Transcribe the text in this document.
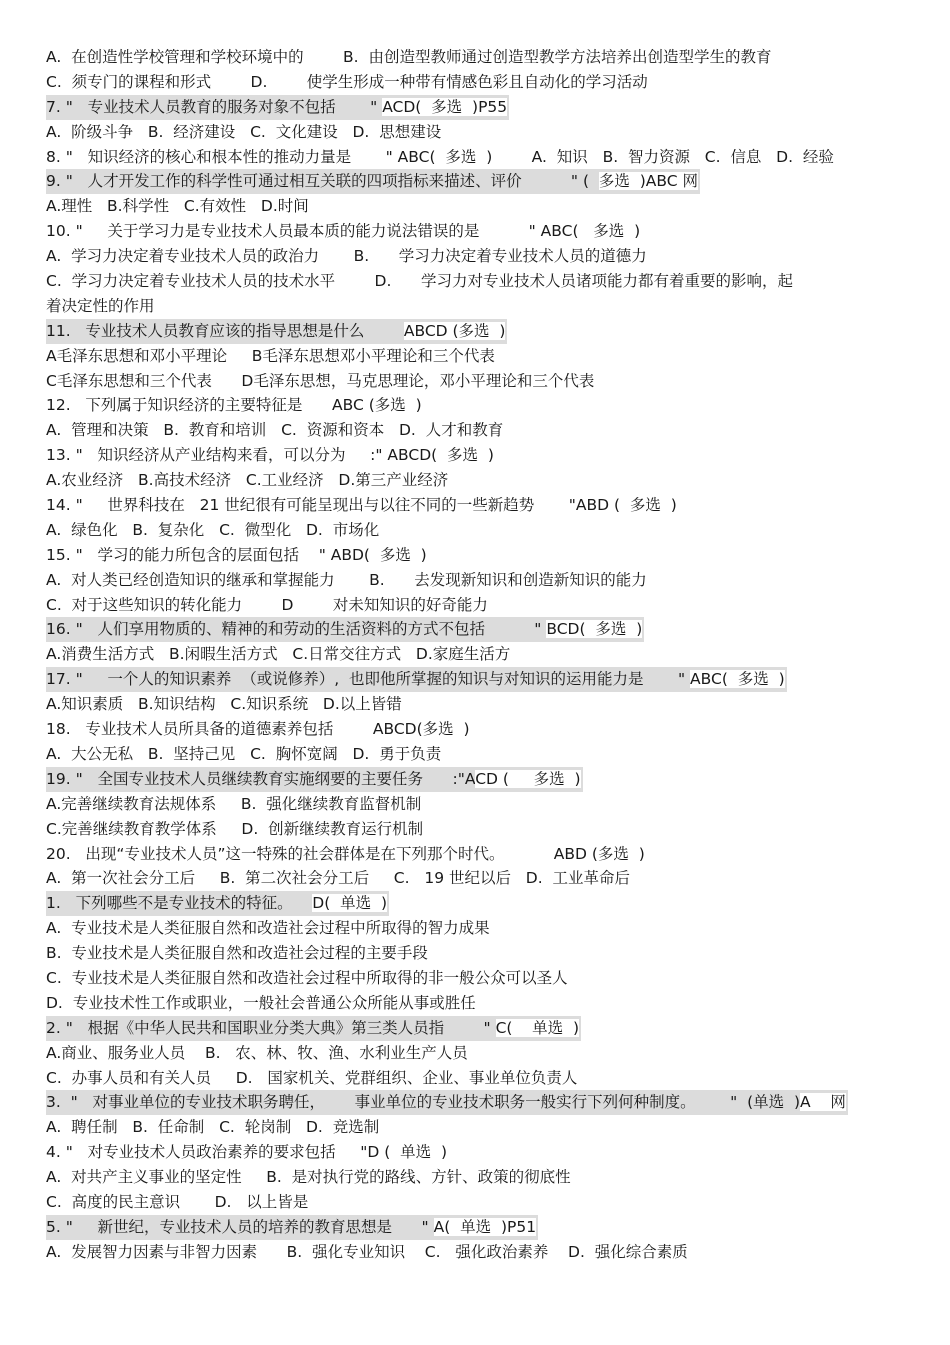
A.  在创造性学校管理和学校环境中的        B.  由创造型教师通过创造型教学方法培养出创造型学生的教育
C.  须专门的课程和形式        D.        使学生形成一种带有情感色彩且自动化的学习活动
7. "   专业技术人员教育的服务对象不包括       " ACD(  多选  )P55
A.  阶级斗争   B.  经济建设   C.  文化建设   D.  思想建设
8. "   知识经济的核心和根本性的推动力量是       " ABC(  多选  )        A.  知识   B.  智力资源   C.  信息   D.  经验
9. "   人才开发工作的科学性可通过相互关联的四项指标来描述、评价          " (  多选  )ABC 网
A.理性   B.科学性   C.有效性   D.时间
10. "     关于学习力是专业技术人员最本质的能力说法错误的是          " ABC(   多选  )
A.  学习力决定着专业技术人员的政治力       B.      学习力决定着专业技术人员的道德力
C.  学习力决定着专业技术人员的技术水平        D.      学习力对专业技术人员诸项能力都有着重要的影响，起
着决定性的作用
11.   专业技术人员教育应该的指导思想是什么        ABCD (多选  )
A毛泽东思想和邓小平理论     B毛泽东思想邓小平理论和三个代表
C毛泽东思想和三个代表      D毛泽东思想，马克思理论，邓小平理论和三个代表
12.   下列属于知识经济的主要特征是      ABC (多选  )
A.  管理和决策   B.  教育和培训   C.  资源和资本   D.  人才和教育
13. "   知识经济从产业结构来看，可以分为     :" ABCD(  多选  )
A.农业经济   B.高技术经济   C.工业经济   D.第三产业经济
14. "     世界科技在   21 世纪很有可能呈现出与以往不同的一些新趋势       "ABD (  多选  )
A.  绿色化   B.  复杂化   C.  微型化   D.  市场化
15. "   学习的能力所包含的层面包括    " ABD(  多选  )
A.  对人类已经创造知识的继承和掌握能力       B.      去发现新知识和创造新知识的能力
C.  对于这些知识的转化能力        D        对未知知识的好奇能力
16. "   人们享用物质的、精神的和劳动的生活资料的方式不包括          " BCD(  多选  )
A.消费生活方式   B.闲暇生活方式   C.日常交往方式   D.家庭生活方
17. "     一个人的知识素养  （或说修养）,  也即他所掌握的知识与对知识的运用能力是       " ABC(  多选  )
A.知识素质   B.知识结构   C.知识系统   D.以上皆错
18.   专业技术人员所具备的道德素养包括        ABCD(多选  )
A.  大公无私   B.  坚持己见   C.  胸怀宽阔   D.  勇于负责
19. "   全国专业技术人员继续教育实施纲要的主要任务      :"ACD (     多选  )
A.完善继续教育法规体系     B.  强化继续教育监督机制
C.完善继续教育教学体系     D.  创新继续教育运行机制
20.   出现“专业技术人员”这一特殊的社会群体是在下列那个时代。          ABD (多选  )
A.  第一次社会分工后     B.  第二次社会分工后     C.   19 世纪以后   D.  工业革命后
1.   下列哪些不是专业技术的特征。    D(  单选  )
A.  专业技术是人类征服自然和改造社会过程中所取得的智力成果
B.  专业技术是人类征服自然和改造社会过程的主要手段
C.  专业技术是人类征服自然和改造社会过程中所取得的非一般公众可以圣人
D.  专业技术性工作或职业，一般社会普通公众所能从事或胜任
2. "   根据《中华人民共和国职业分类大典》第三类人员指        " C(    单选  )
A.商业、服务业人员    B.   农、林、牧、渔、水利业生产人员
C.  办事人员和有关人员     D.   国家机关、党群组织、企业、事业单位负责人
3.  "   对事业单位的专业技术职务聘任，      事业单位的专业技术职务一般实行下列何种制度。       "  (单选  )A    网
A.  聘任制   B.  任命制   C.  轮岗制   D.  竞选制
4. "   对专业技术人员政治素养的要求包括     "D (  单选  )
A.  对共产主义事业的坚定性     B.  是对执行党的路线、方针、政策的彻底性
C.  高度的民主意识       D.   以上皆是
5. "     新世纪，专业技术人员的培养的教育思想是      " A(  单选  )P51
A.  发展智力因素与非智力因素      B.  强化专业知识    C.   强化政治素养    D.  强化综合素质
